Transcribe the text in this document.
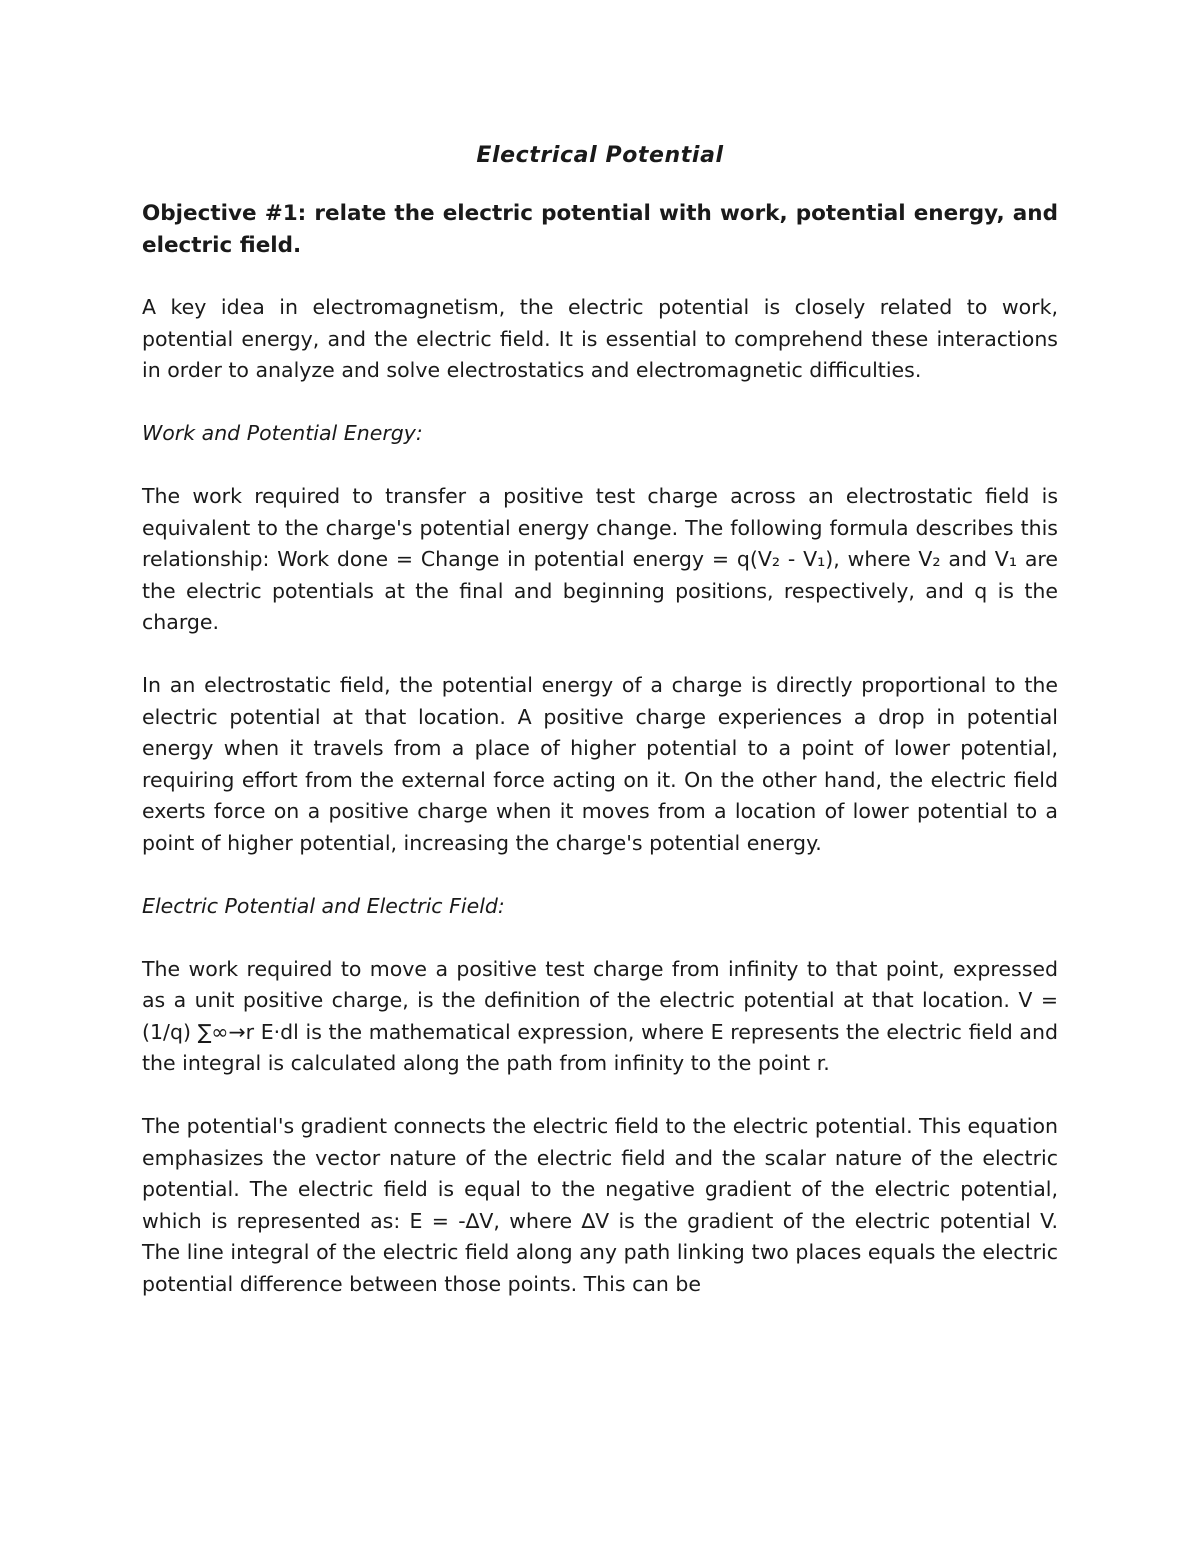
Electrical Potential

Objective #1: relate the electric potential with work, potential energy, and electric field.

A key idea in electromagnetism, the electric potential is closely related to work, potential energy, and the electric field. It is essential to comprehend these interactions in order to analyze and solve electrostatics and electromagnetic difficulties.

Work and Potential Energy:

The work required to transfer a positive test charge across an electrostatic field is equivalent to the charge's potential energy change. The following formula describes this relationship: Work done = Change in potential energy = q(V₂ - V₁), where V₂ and V₁ are the electric potentials at the final and beginning positions, respectively, and q is the charge.

In an electrostatic field, the potential energy of a charge is directly proportional to the electric potential at that location. A positive charge experiences a drop in potential energy when it travels from a place of higher potential to a point of lower potential, requiring effort from the external force acting on it. On the other hand, the electric field exerts force on a positive charge when it moves from a location of lower potential to a point of higher potential, increasing the charge's potential energy.

Electric Potential and Electric Field:

The work required to move a positive test charge from infinity to that point, expressed as a unit positive charge, is the definition of the electric potential at that location. V = (1/q) ∑∞→r E·dl is the mathematical expression, where E represents the electric field and the integral is calculated along the path from infinity to the point r.

The potential's gradient connects the electric field to the electric potential. This equation emphasizes the vector nature of the electric field and the scalar nature of the electric potential. The electric field is equal to the negative gradient of the electric potential, which is represented as: E = -∆V, where ∆V is the gradient of the electric potential V. The line integral of the electric field along any path linking two places equals the electric potential difference between those points. This can be
